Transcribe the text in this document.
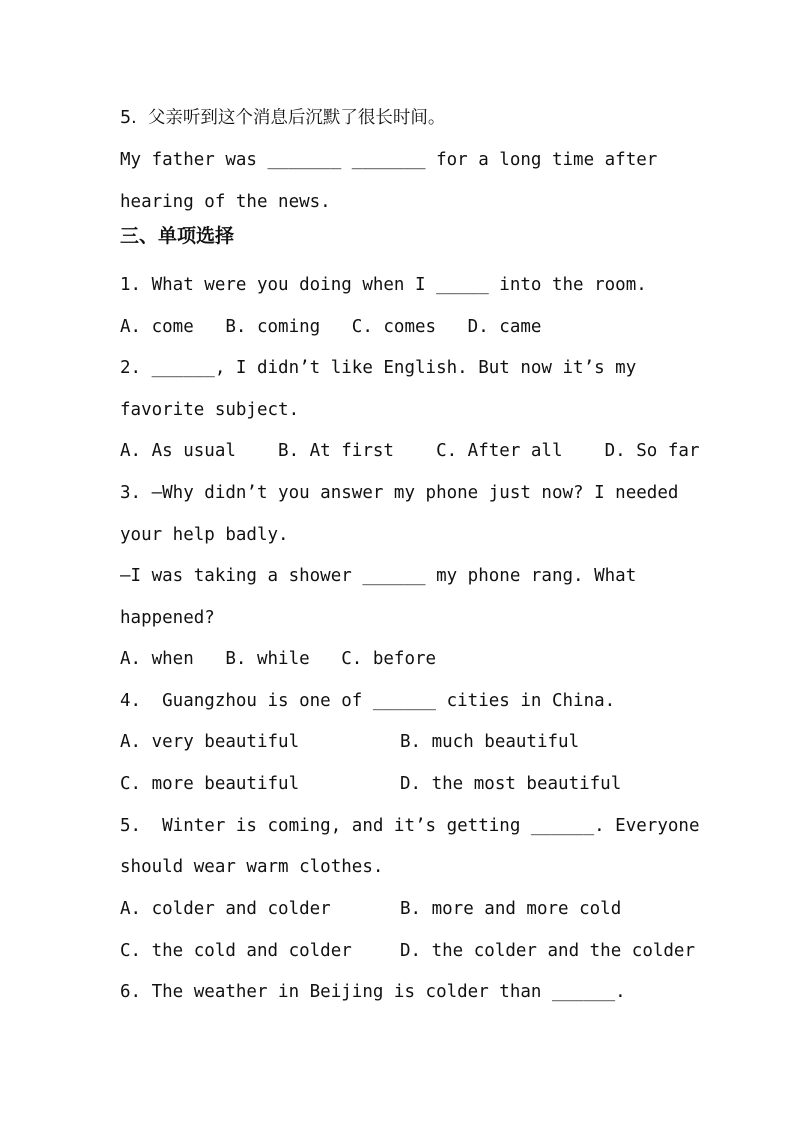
5.  父亲听到这个消息后沉默了很长时间。
My father was _______ _______ for a long time after
hearing of the news.
三、单项选择
1. What were you doing when I _____ into the room.
A. come   B. coming   C. comes   D. came
2. ______, I didn’t like English. But now it’s my
favorite subject.
A. As usual    B. At first    C. After all    D. So far
3. —Why didn’t you answer my phone just now? I needed
your help badly.
—I was taking a shower ______ my phone rang. What
happened?
A. when   B. while   C. before
4.  Guangzhou is one of ______ cities in China.
A. very beautiful	B. much beautiful
C. more beautiful	D. the most beautiful
5.  Winter is coming, and it’s getting ______. Everyone
should wear warm clothes.
A. colder and colder	B. more and more cold
C. the cold and colder	D. the colder and the colder
6. The weather in Beijing is colder than ______.
